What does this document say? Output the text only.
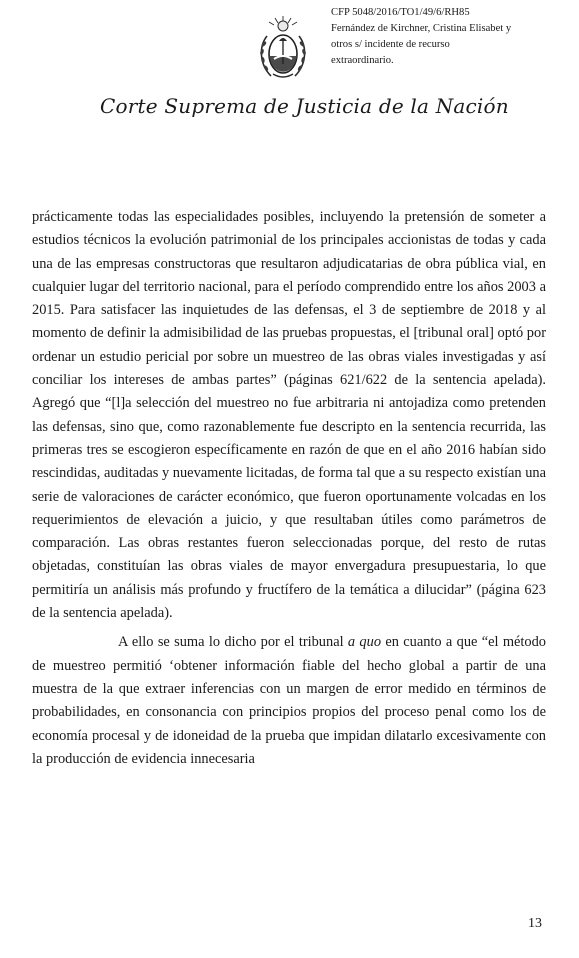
CFP 5048/2016/TO1/49/6/RH85
Fernández de Kirchner, Cristina Elisabet y
otros s/ incidente de recurso
extraordinario.
Corte Suprema de Justicia de la Nación

prácticamente todas las especialidades posibles, incluyendo la pretensión de someter a estudios técnicos la evolución patrimonial de los principales accionistas de todas y cada una de las empresas constructoras que resultaron adjudicatarias de obra pública vial, en cualquier lugar del territorio nacional, para el período comprendido entre los años 2003 a 2015. Para satisfacer las inquietudes de las defensas, el 3 de septiembre de 2018 y al momento de definir la admisibilidad de las pruebas propuestas, el [tribunal oral] optó por ordenar un estudio pericial por sobre un muestreo de las obras viales investigadas y así conciliar los intereses de ambas partes” (páginas 621/622 de la sentencia apelada). Agregó que “[l]a selección del muestreo no fue arbitraria ni antojadiza como pretenden las defensas, sino que, como razonablemente fue descripto en la sentencia recurrida, las primeras tres se escogieron específicamente en razón de que en el año 2016 habían sido rescindidas, auditadas y nuevamente licitadas, de forma tal que a su respecto existían una serie de valoraciones de carácter económico, que fueron oportunamente volcadas en los requerimientos de elevación a juicio, y que resultaban útiles como parámetros de comparación. Las obras restantes fueron seleccionadas porque, del resto de rutas objetadas, constituían las obras viales de mayor envergadura presupuestaria, lo que permitiría un análisis más profundo y fructífero de la temática a dilucidar” (página 623 de la sentencia apelada).

A ello se suma lo dicho por el tribunal a quo en cuanto a que “el método de muestreo permitió ‘obtener información fiable del hecho global a partir de una muestra de la que extraer inferencias con un margen de error medido en términos de probabilidades, en consonancia con principios propios del proceso penal como los de economía procesal y de idoneidad de la prueba que impidan dilatarlo excesivamente con la producción de evidencia innecesaria

13
